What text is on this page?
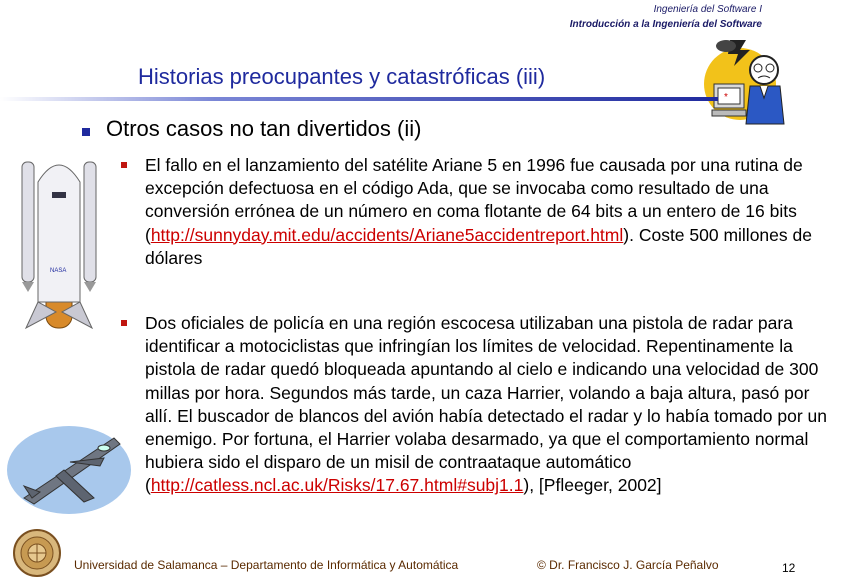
Ingeniería del Software I
Introducción a la Ingeniería del Software
*
Historias preocupantes y catastróficas (iii)
Otros casos no tan divertidos (ii)
NASA
El fallo en el lanzamiento del satélite Ariane 5 en 1996 fue causada por una rutina de excepción defectuosa en el código Ada, que se invocaba como resultado de una conversión errónea de un número en coma flotante de 64 bits a un entero de 16 bits (http://sunnyday.mit.edu/accidents/Ariane5accidentreport.html). Coste 500 millones de dólares
Dos oficiales de policía en una región escocesa utilizaban una pistola de radar para identificar a motociclistas que infringían los límites de velocidad. Repentinamente la pistola de radar quedó bloqueada apuntando al cielo e indicando una velocidad de 300 millas por hora. Segundos más tarde, un caza Harrier, volando a baja altura, pasó por allí. El buscador de blancos del avión había detectado el radar y lo había tomado por un enemigo. Por fortuna, el Harrier volaba desarmado, ya que el comportamiento normal hubiera sido el disparo de un misil de contraataque automático (http://catless.ncl.ac.uk/Risks/17.67.html#subj1.1), [Pfleeger, 2002]
Universidad de Salamanca – Departamento de Informática y Automática	© Dr. Francisco J. García Peñalvo	12
